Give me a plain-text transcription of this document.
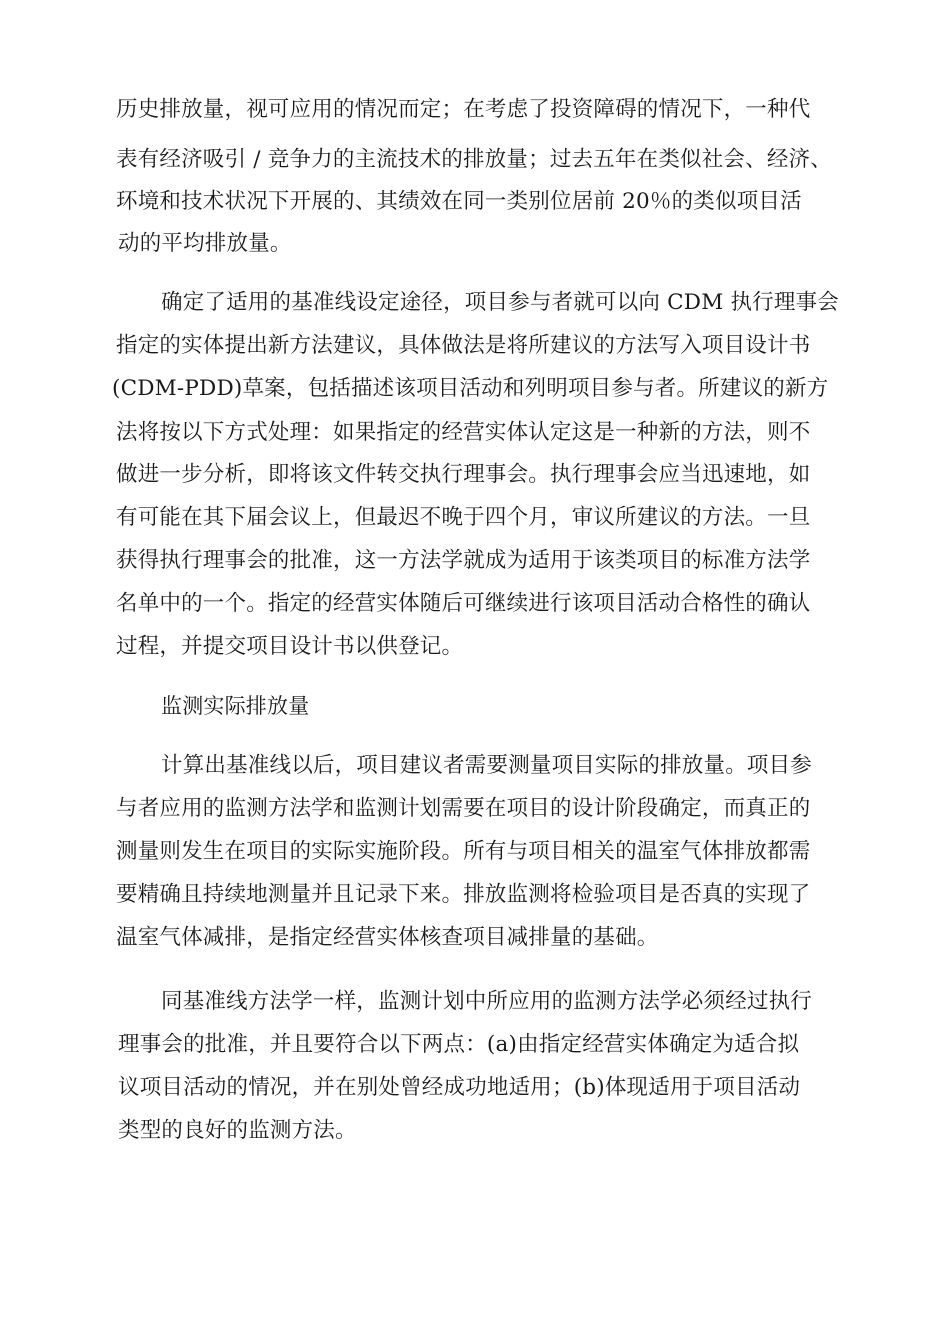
历史排放量，视可应用的情况而定；在考虑了投资障碍的情况下，一种代
表有经济吸引 / 竞争力的主流技术的排放量；过去五年在类似社会、经济、
环境和技术状况下开展的、其绩效在同一类别位居前 20％的类似项目活
动的平均排放量。
确定了适用的基准线设定途径，项目参与者就可以向 CDM 执行理事会
指定的实体提出新方法建议，具体做法是将所建议的方法写入项目设计书
(CDM-PDD)草案，包括描述该项目活动和列明项目参与者。所建议的新方
法将按以下方式处理：如果指定的经营实体认定这是一种新的方法，则不
做进一步分析，即将该文件转交执行理事会。执行理事会应当迅速地，如
有可能在其下届会议上，但最迟不晚于四个月，审议所建议的方法。一旦
获得执行理事会的批准，这一方法学就成为适用于该类项目的标准方法学
名单中的一个。指定的经营实体随后可继续进行该项目活动合格性的确认
过程，并提交项目设计书以供登记。
监测实际排放量
计算出基准线以后，项目建议者需要测量项目实际的排放量。项目参
与者应用的监测方法学和监测计划需要在项目的设计阶段确定，而真正的
测量则发生在项目的实际实施阶段。所有与项目相关的温室气体排放都需
要精确且持续地测量并且记录下来。排放监测将检验项目是否真的实现了
温室气体减排，是指定经营实体核查项目减排量的基础。
同基准线方法学一样，监测计划中所应用的监测方法学必须经过执行
理事会的批准，并且要符合以下两点：(a)由指定经营实体确定为适合拟
议项目活动的情况，并在别处曾经成功地适用；(b)体现适用于项目活动
类型的良好的监测方法。
